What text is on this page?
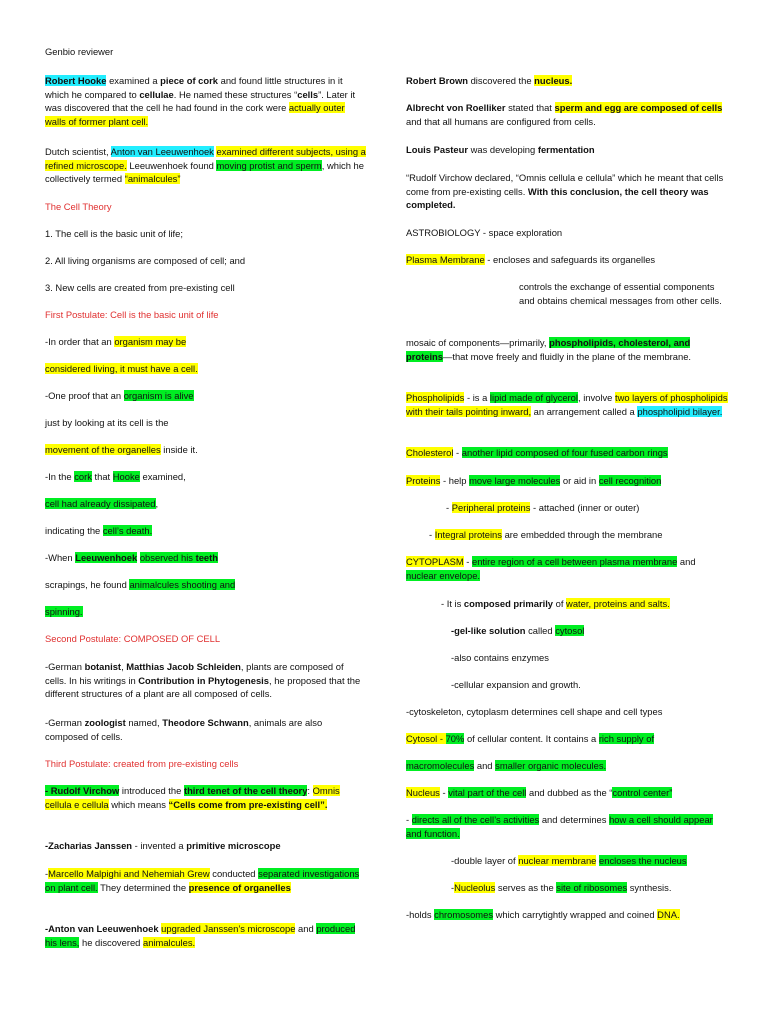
Genbio reviewer
Robert Hooke examined a piece of cork and found little structures in it which he compared to cellulae. He named these structures “cells”. Later it was discovered that the cell he had found in the cork were actually outer walls of former plant cell.
Dutch scientist, Anton van Leeuwenhoek examined different subjects, using a refined microscope. Leeuwenhoek found moving protist and sperm, which he collectively termed “animalcules”
The Cell Theory
1. The cell is the basic unit of life;
2. All living organisms are composed of cell; and
3. New cells are created from pre-existing cell
First Postulate: Cell is the basic unit of life
-In order that an organism may be
considered living, it must have a cell.
-One proof that an organism is alive
just by looking at its cell is the
movement of the organelles inside it.
-In the cork that Hooke examined,
cell had already dissipated,
indicating the cell’s death.
-When Leeuwenhoek observed his teeth
scrapings, he found animalcules shooting and
spinning.
Second Postulate: COMPOSED OF CELL
-German botanist, Matthias Jacob Schleiden, plants are composed of cells. In his writings in Contribution in Phytogenesis, he proposed that the different structures of a plant are all composed of cells.
-German zoologist named, Theodore Schwann, animals are also composed of cells.
Third Postulate: created from pre-existing cells
- Rudolf Virchow introduced the third tenet of the cell theory: Omnis cellula e cellula which means “Cells come from pre-existing cell”.
-Zacharias Janssen - invented a primitive microscope
-Marcello Malpighi and Nehemiah Grew conducted separated investigations on plant cell. They determined the presence of organelles
-Anton van Leeuwenhoek upgraded Janssen’s microscope and produced his lens, he discovered animalcules.
Robert Brown discovered the nucleus.
Albrecht von Roelliker stated that sperm and egg are composed of cells and that all humans are configured from cells.
Louis Pasteur was developing fermentation
“Rudolf Virchow declared, “Omnis cellula e cellula” which he meant that cells come from pre-existing cells. With this conclusion, the cell theory was completed.
ASTROBIOLOGY - space exploration
Plasma Membrane - encloses and safeguards its organelles
controls the exchange of essential components and obtains chemical messages from other cells.
mosaic of components—primarily, phospholipids, cholesterol, and proteins—that move freely and fluidly in the plane of the membrane.
Phospholipids - is a lipid made of glycerol, involve two layers of phospholipids with their tails pointing inward, an arrangement called a phospholipid bilayer.
Cholesterol - another lipid composed of four fused carbon rings
Proteins - help move large molecules or aid in cell recognition
- Peripheral proteins - attached (inner or outer)
- Integral proteins are embedded through the membrane
CYTOPLASM - entire region of a cell between plasma membrane and nuclear envelope.
- It is composed primarily of water, proteins and salts.
-gel-like solution called cytosol
-also contains enzymes
-cellular expansion and growth.
-cytoskeleton, cytoplasm determines cell shape and cell types
Cytosol - 70% of cellular content. It contains a rich supply of
macromolecules and smaller organic molecules.
Nucleus - vital part of the cell and dubbed as the “control center”
- directs all of the cell’s activities and determines how a cell should appear and function.
-double layer of nuclear membrane encloses the nucleus
-Nucleolus serves as the site of ribosomes synthesis.
-holds chromosomes which carrytightly wrapped and coined DNA.
